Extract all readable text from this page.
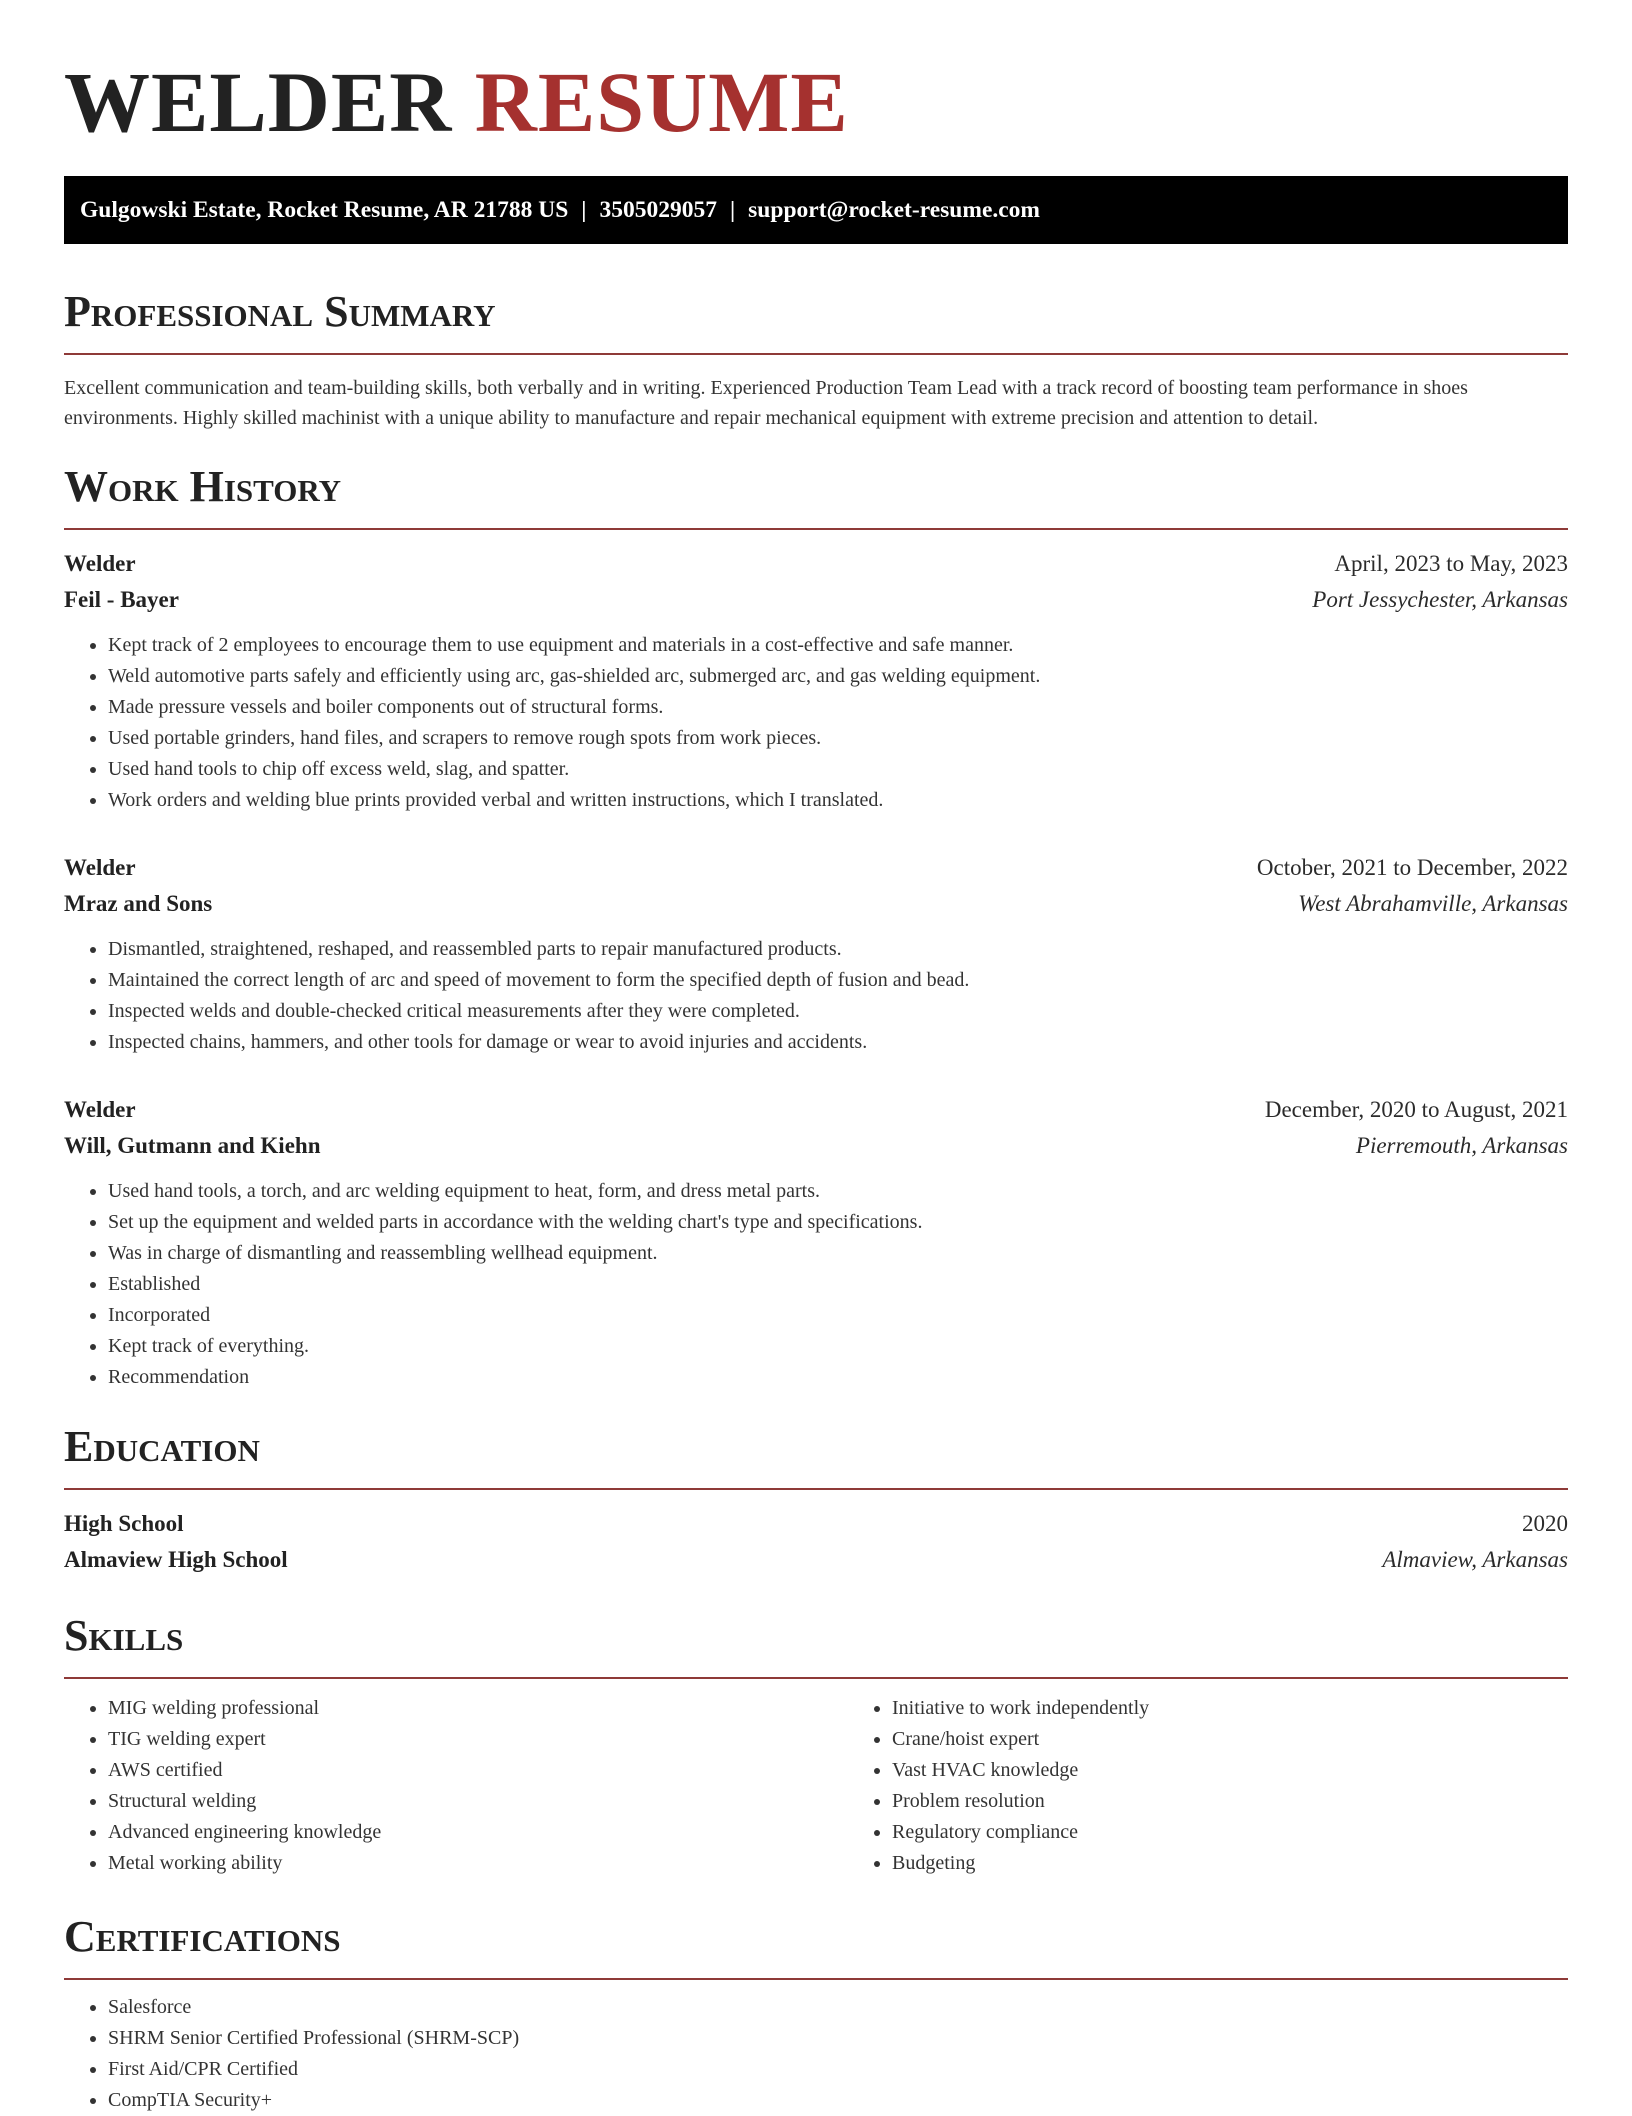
WELDER RESUME
Gulgowski Estate, Rocket Resume, AR 21788 US | 3505029057 | support@rocket-resume.com
Professional Summary

Excellent communication and team-building skills, both verbally and in writing. Experienced Production Team Lead with a track record of boosting team performance in shoes environments. Highly skilled machinist with a unique ability to manufacture and repair mechanical equipment with extreme precision and attention to detail.

Work History
Welder	April, 2023 to May, 2023
Feil - Bayer	Port Jessychester, Arkansas
• Kept track of 2 employees to encourage them to use equipment and materials in a cost-effective and safe manner.
• Weld automotive parts safely and efficiently using arc, gas-shielded arc, submerged arc, and gas welding equipment.
• Made pressure vessels and boiler components out of structural forms.
• Used portable grinders, hand files, and scrapers to remove rough spots from work pieces.
• Used hand tools to chip off excess weld, slag, and spatter.
• Work orders and welding blue prints provided verbal and written instructions, which I translated.
Welder	October, 2021 to December, 2022
Mraz and Sons	West Abrahamville, Arkansas
• Dismantled, straightened, reshaped, and reassembled parts to repair manufactured products.
• Maintained the correct length of arc and speed of movement to form the specified depth of fusion and bead.
• Inspected welds and double-checked critical measurements after they were completed.
• Inspected chains, hammers, and other tools for damage or wear to avoid injuries and accidents.
Welder	December, 2020 to August, 2021
Will, Gutmann and Kiehn	Pierremouth, Arkansas
• Used hand tools, a torch, and arc welding equipment to heat, form, and dress metal parts.
• Set up the equipment and welded parts in accordance with the welding chart's type and specifications.
• Was in charge of dismantling and reassembling wellhead equipment.
• Established
• Incorporated
• Kept track of everything.
• Recommendation
Education
High School	2020
Almaview High School	Almaview, Arkansas
Skills
• MIG welding professional
• TIG welding expert
• AWS certified
• Structural welding
• Advanced engineering knowledge
• Metal working ability
• Initiative to work independently
• Crane/hoist expert
• Vast HVAC knowledge
• Problem resolution
• Regulatory compliance
• Budgeting
Certifications
• Salesforce
• SHRM Senior Certified Professional (SHRM-SCP)
• First Aid/CPR Certified
• CompTIA Security+
